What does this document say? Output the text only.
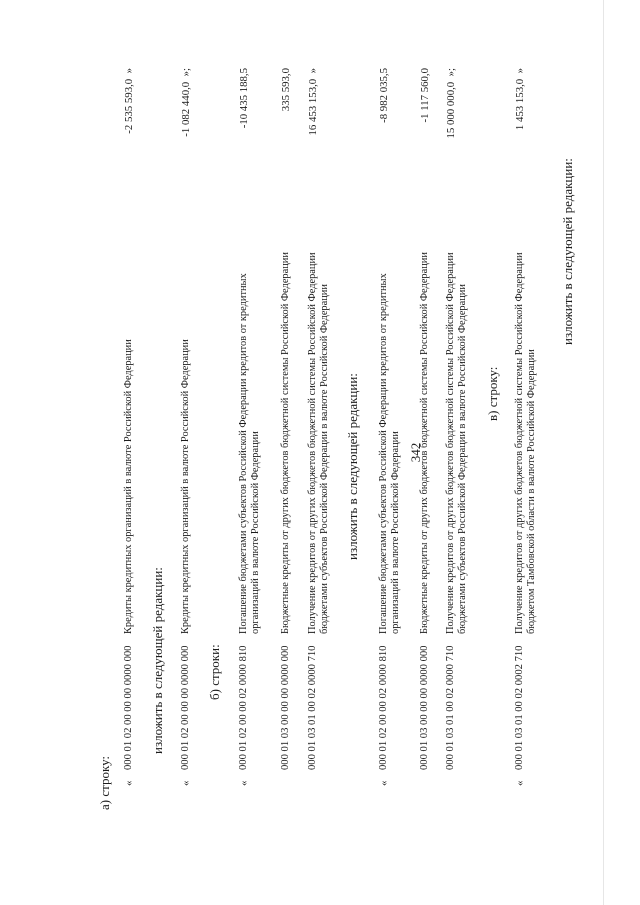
342
а) строку: «
000 01 02 00 00 00 0000 000
Кредиты кредитных организаций в валюте Российской Федерации
-2 535 593,0  »
изложить в следующей редакции:
«
000 01 02 00 00 00 0000 000
Кредиты кредитных организаций в валюте Российской Федерации
-1 082 440,0  »;
б) строки:
«
000 01 02 00 00 02 0000 810
Погашение бюджетами субъектов Российской Федерации кредитов от кредитных организаций в валюте Российской Федерации
-10 435 188,5
000 01 03 00 00 00 0000 000
Бюджетные кредиты от других бюджетов бюджетной системы Российской Федерации
335 593,0
000 01 03 01 00 02 0000 710
Получение кредитов от других бюджетов бюджетной системы Российской Федерации бюджетами субъектов Российской Федерации в валюте Российской Федерации
16 453 153,0  »
изложить в следующей редакции:
«
000 01 02 00 00 02 0000 810
Погашение бюджетами субъектов Российской Федерации кредитов от кредитных организаций в валюте Российской Федерации
-8 982 035,5
000 01 03 00 00 00 0000 000
Бюджетные кредиты от других бюджетов бюджетной системы Российской Федерации
-1 117 560,0
000 01 03 01 00 02 0000 710
Получение кредитов от других бюджетов бюджетной системы Российской Федерации бюджетами субъектов Российской Федерации в валюте Российской Федерации
15 000 000,0  »;
в) строку:
«
000 01 03 01 00 02 0002 710
Получение кредитов от других бюджетов бюджетной системы Российской Федерации бюджетом Тамбовской области в валюте Российской Федерации
1 453 153,0  »
изложить в следующей редакции:
